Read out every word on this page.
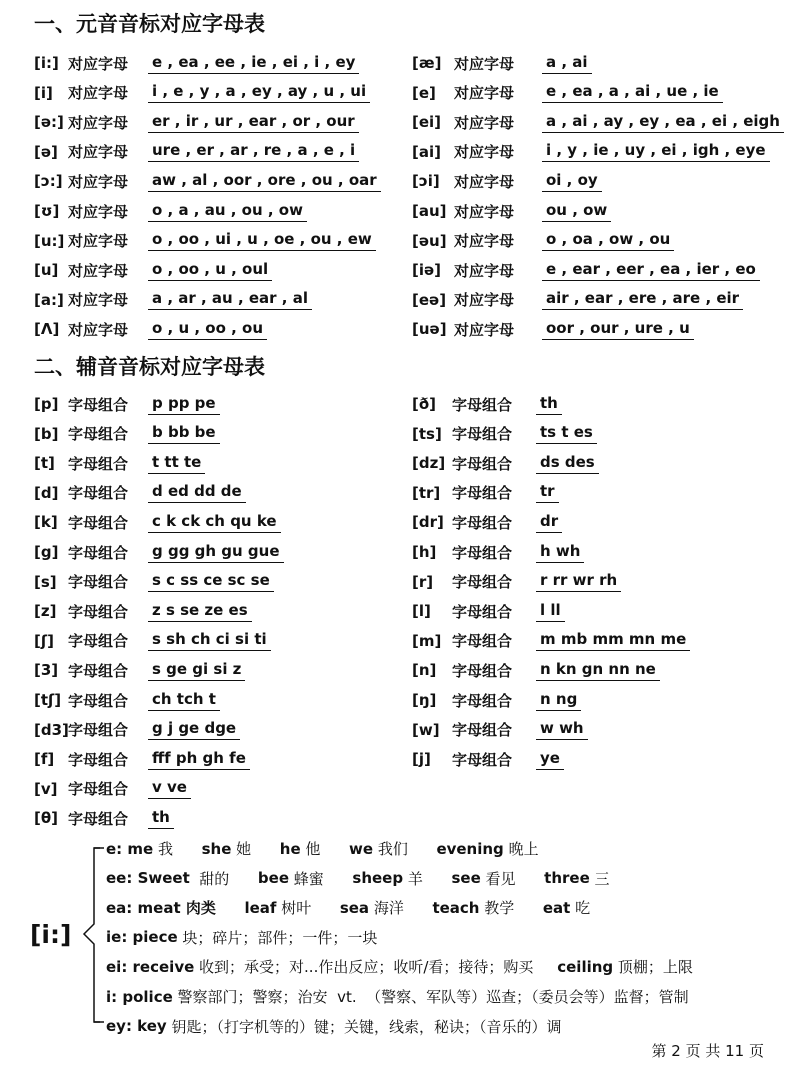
一、元音音标对应字母表
[i:] 对应字母	e , ea , ee , ie , ei , i , ey
[i]	对应字母	i , e , y , a , ey , ay , u , ui
[ə:] 对应字母	er , ir , ur , ear , or , our
[ə] 对应字母	ure , er , ar , re , a , e , i
[ɔ:] 对应字母	aw , al , oor , ore , ou , oar
[ʊ] 对应字母	o , a , au , ou , ow
[u:] 对应字母	o , oo , ui , u , oe , ou , ew
[u] 对应字母	o , oo , u , oul
[a:] 对应字母	a , ar , au , ear , al
[Λ] 对应字母	o , u , oo , ou
[æ] 对应字母	a , ai
[e]	对应字母	e , ea , a , ai , ue , ie
[ei] 对应字母	a , ai , ay , ey , ea , ei , eigh
[ai] 对应字母	i , y , ie , uy , ei , igh , eye
[ɔi] 对应字母	oi , oy
[au] 对应字母	ou , ow
[əu] 对应字母	o , oa , ow , ou
[iə] 对应字母	e , ear , eer , ea , ier , eo
[eə] 对应字母	air , ear , ere , are , eir
[uə] 对应字母	oor , our , ure , u
二、辅音音标对应字母表
[p] 字母组合	p pp pe
[b] 字母组合	b bb be
[t] 字母组合	t tt te
[d] 字母组合	d ed dd de
[k] 字母组合	c k ck ch qu ke
[g] 字母组合	g gg gh gu gue
[s] 字母组合	s c ss ce sc se
[z] 字母组合	z s se ze es
[ʃ] 字母组合	s sh ch ci si ti
[3] 字母组合	s ge gi si z
[tʃ] 字母组合	ch tch t
[d3] 字母组合	g j ge dge
[f] 字母组合	fff ph gh fe
[v] 字母组合	v ve
[θ] 字母组合	th
[ð]	字母组合	th
[ts] 字母组合	ts t es
[dz] 字母组合	ds des
[tr] 字母组合	tr
[dr] 字母组合	dr
[h]	字母组合	h wh
[r]	字母组合	r rr wr rh
[l]	字母组合	l ll
[m] 字母组合	m mb mm mn me
[n]	字母组合	n kn gn nn ne
[ŋ]	字母组合	n ng
[w] 字母组合	w wh
[j]	字母组合	ye
[i:]
e: me 我 she 她 he 他 we 我们 evening 晚上
ee: Sweet 甜的 bee 蜂蜜 sheep 羊 see 看见 three 三
ea: meat 肉类
leaf 树叶 sea 海洋 teach 教学 eat 吃
ie: piece 块；碎片；部件；一件；一块
ei: receive 收到；承受；对...作出反应；收听/看；接待；购买 ceiling 顶棚；上限
i: police 警察部门；警察；治安  vt.  （警察、军队等）巡查；（委员会等）监督；管制
ey: key 钥匙；（打字机等的）键；关键，线索，秘诀；（音乐的）调
第 2 页 共 11 页
